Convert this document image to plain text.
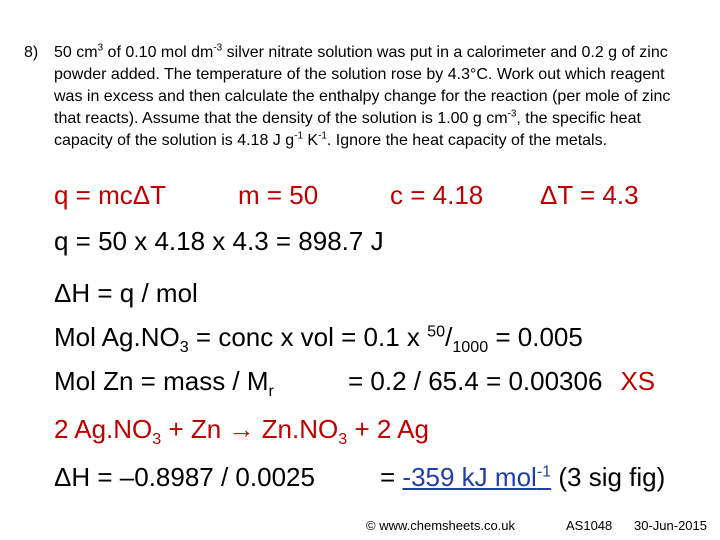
8) 50 $cm^3$ of 0.10 mol $dm^{-3}$ silver nitrate solution was put in a calorimeter and 0.2 g of zinc powder added. The temperature of the solution rose by 4.3°C. Work out which reagent was in excess and then calculate the enthalpy change for the reaction (per mole of zinc that reacts). Assume that the density of the solution is 1.00 g $cm^{-3}$, the specific heat capacity of the solution is 4.18 J $g^{-1}$ $K^{-1}$. Ignore the heat capacity of the metals.
q = mcΔT	m = 50	c = 4.18 ΔT = 4.3
q = 50 x 4.18 x 4.3 = 898.7 J
ΔH = q / mol
Mol $Ag.NO_3$ = conc x vol = 0.1 x $^{50}/_{1000} = 0.005$
Mol Zn = mass / $M_r$	= 0.2 / 65.4 = 0.00306 XS
2 $Ag.NO_3 + Zn \to Zn.NO_3 + 2$ Ag
ΔH = –0.8987 / 0.0025	= -359 kJ mol$^{-1}$ (3 sig fig)
© www.chemsheets.co.uk	AS1048 30-Jun-2015
